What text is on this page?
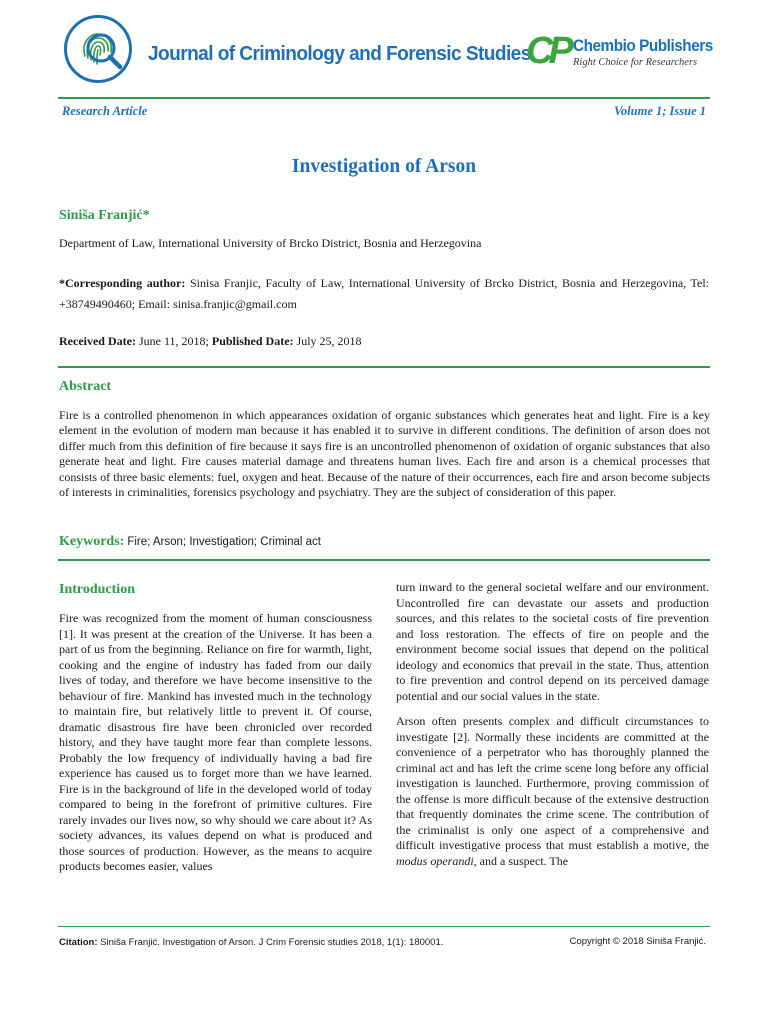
Journal of Criminology and Forensic Studies
CP Chembio Publishers
Right Choice for Researchers
Research Article	Volume 1; Issue 1
Investigation of Arson
Siniša Franjić*
Department of Law, International University of Brcko District, Bosnia and Herzegovina
*Corresponding author: Sinisa Franjic, Faculty of Law, International University of Brcko District, Bosnia and Herzegovina, Tel: +38749490460; Email: sinisa.franjic@gmail.com
Received Date: June 11, 2018; Published Date: July 25, 2018
Abstract
Fire is a controlled phenomenon in which appearances oxidation of organic substances which generates heat and light. Fire is a key element in the evolution of modern man because it has enabled it to survive in different conditions. The definition of arson does not differ much from this definition of fire because it says fire is an uncontrolled phenomenon of oxidation of organic substances that also generate heat and light. Fire causes material damage and threatens human lives. Each fire and arson is a chemical processes that consists of three basic elements: fuel, oxygen and heat. Because of the nature of their occurrences, each fire and arson become subjects of interests in criminalities, forensics psychology and psychiatry. They are the subject of consideration of this paper.
Keywords: Fire; Arson; Investigation; Criminal act
Introduction

Fire was recognized from the moment of human consciousness [1]. It was present at the creation of the Universe. It has been a part of us from the beginning. Reliance on fire for warmth, light, cooking and the engine of industry has faded from our daily lives of today, and therefore we have become insensitive to the behaviour of fire. Mankind has invested much in the technology to maintain fire, but relatively little to prevent it. Of course, dramatic disastrous fire have been chronicled over recorded history, and they have taught more fear than complete lessons. Probably the low frequency of individually having a bad fire experience has caused us to forget more than we have learned. Fire is in the background of life in the developed world of today compared to being in the forefront of primitive cultures. Fire rarely invades our lives now, so why should we care about it? As society advances, its values depend on what is produced and those sources of production. However, as the means to acquire products becomes easier, values

turn inward to the general societal welfare and our environment. Uncontrolled fire can devastate our assets and production sources, and this relates to the societal costs of fire prevention and loss restoration. The effects of fire on people and the environment become social issues that depend on the political ideology and economics that prevail in the state. Thus, attention to fire prevention and control depend on its perceived damage potential and our social values in the state.

Arson often presents complex and difficult circumstances to investigate [2]. Normally these incidents are committed at the convenience of a perpetrator who has thoroughly planned the criminal act and has left the crime scene long before any official investigation is launched. Furthermore, proving commission of the offense is more difficult because of the extensive destruction that frequently dominates the crime scene. The contribution of the criminalist is only one aspect of a comprehensive and difficult investigative process that must establish a motive, the modus operandi, and a suspect. The

Citation: Siniša Franjić. Investigation of Arson. J Crim Forensic studies 2018, 1(1): 180001.	Copyright © 2018 Siniša Franjić.
